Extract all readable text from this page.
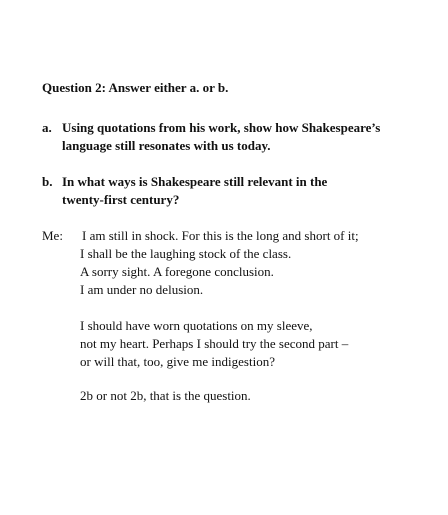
Question 2: Answer either a. or b.
a. Using quotations from his work, show how Shakespeare’s
language still resonates with us today.
b. In what ways is Shakespeare still relevant in the
twenty-first century?
Me: I am still in shock. For this is the long and short of it;
I shall be the laughing stock of the class.
A sorry sight. A foregone conclusion.
I am under no delusion.
I should have worn quotations on my sleeve,
not my heart. Perhaps I should try the second part –
or will that, too, give me indigestion?
2b or not 2b, that is the question.
